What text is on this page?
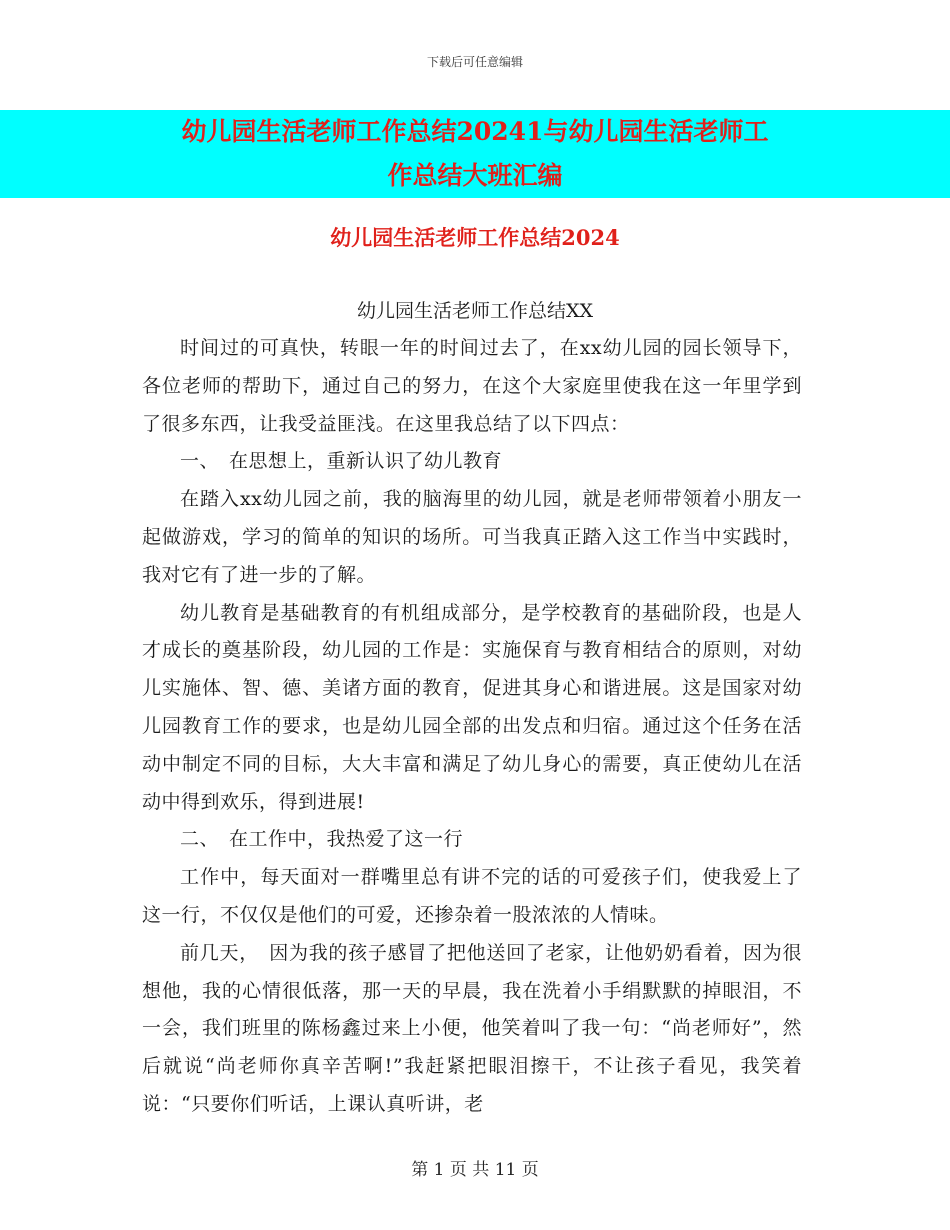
下载后可任意编辑
幼儿园生活老师工作总结20241与幼儿园生活老师工
作总结大班汇编
幼儿园生活老师工作总结2024
幼儿园生活老师工作总结XX

时间过的可真快，转眼一年的时间过去了，在xx幼儿园的园长领导下，各位老师的帮助下，通过自己的努力，在这个大家庭里使我在这一年里学到了很多东西，让我受益匪浅。在这里我总结了以下四点：

一、　在思想上，重新认识了幼儿教育

在踏入xx幼儿园之前，我的脑海里的幼儿园，就是老师带领着小朋友一起做游戏，学习的简单的知识的场所。可当我真正踏入这工作当中实践时，我对它有了进一步的了解。

幼儿教育是基础教育的有机组成部分，是学校教育的基础阶段，也是人才成长的奠基阶段，幼儿园的工作是：实施保育与教育相结合的原则，对幼儿实施体、智、德、美诸方面的教育，促进其身心和谐进展。这是国家对幼儿园教育工作的要求，也是幼儿园全部的出发点和归宿。通过这个任务在活动中制定不同的目标，大大丰富和满足了幼儿身心的需要，真正使幼儿在活动中得到欢乐，得到进展!

二、　在工作中，我热爱了这一行

工作中，每天面对一群嘴里总有讲不完的话的可爱孩子们，使我爱上了这一行，不仅仅是他们的可爱，还掺杂着一股浓浓的人情味。

前几天，　因为我的孩子感冒了把他送回了老家，让他奶奶看着，因为很想他，我的心情很低落，那一天的早晨，我在洗着小手绢默默的掉眼泪，不一会，我们班里的陈杨鑫过来上小便，他笑着叫了我一句：“尚老师好”，然后就说“尚老师你真辛苦啊!”我赶紧把眼泪擦干，不让孩子看见，我笑着说：“只要你们听话，上课认真听讲，老

第 1 页 共 11 页
